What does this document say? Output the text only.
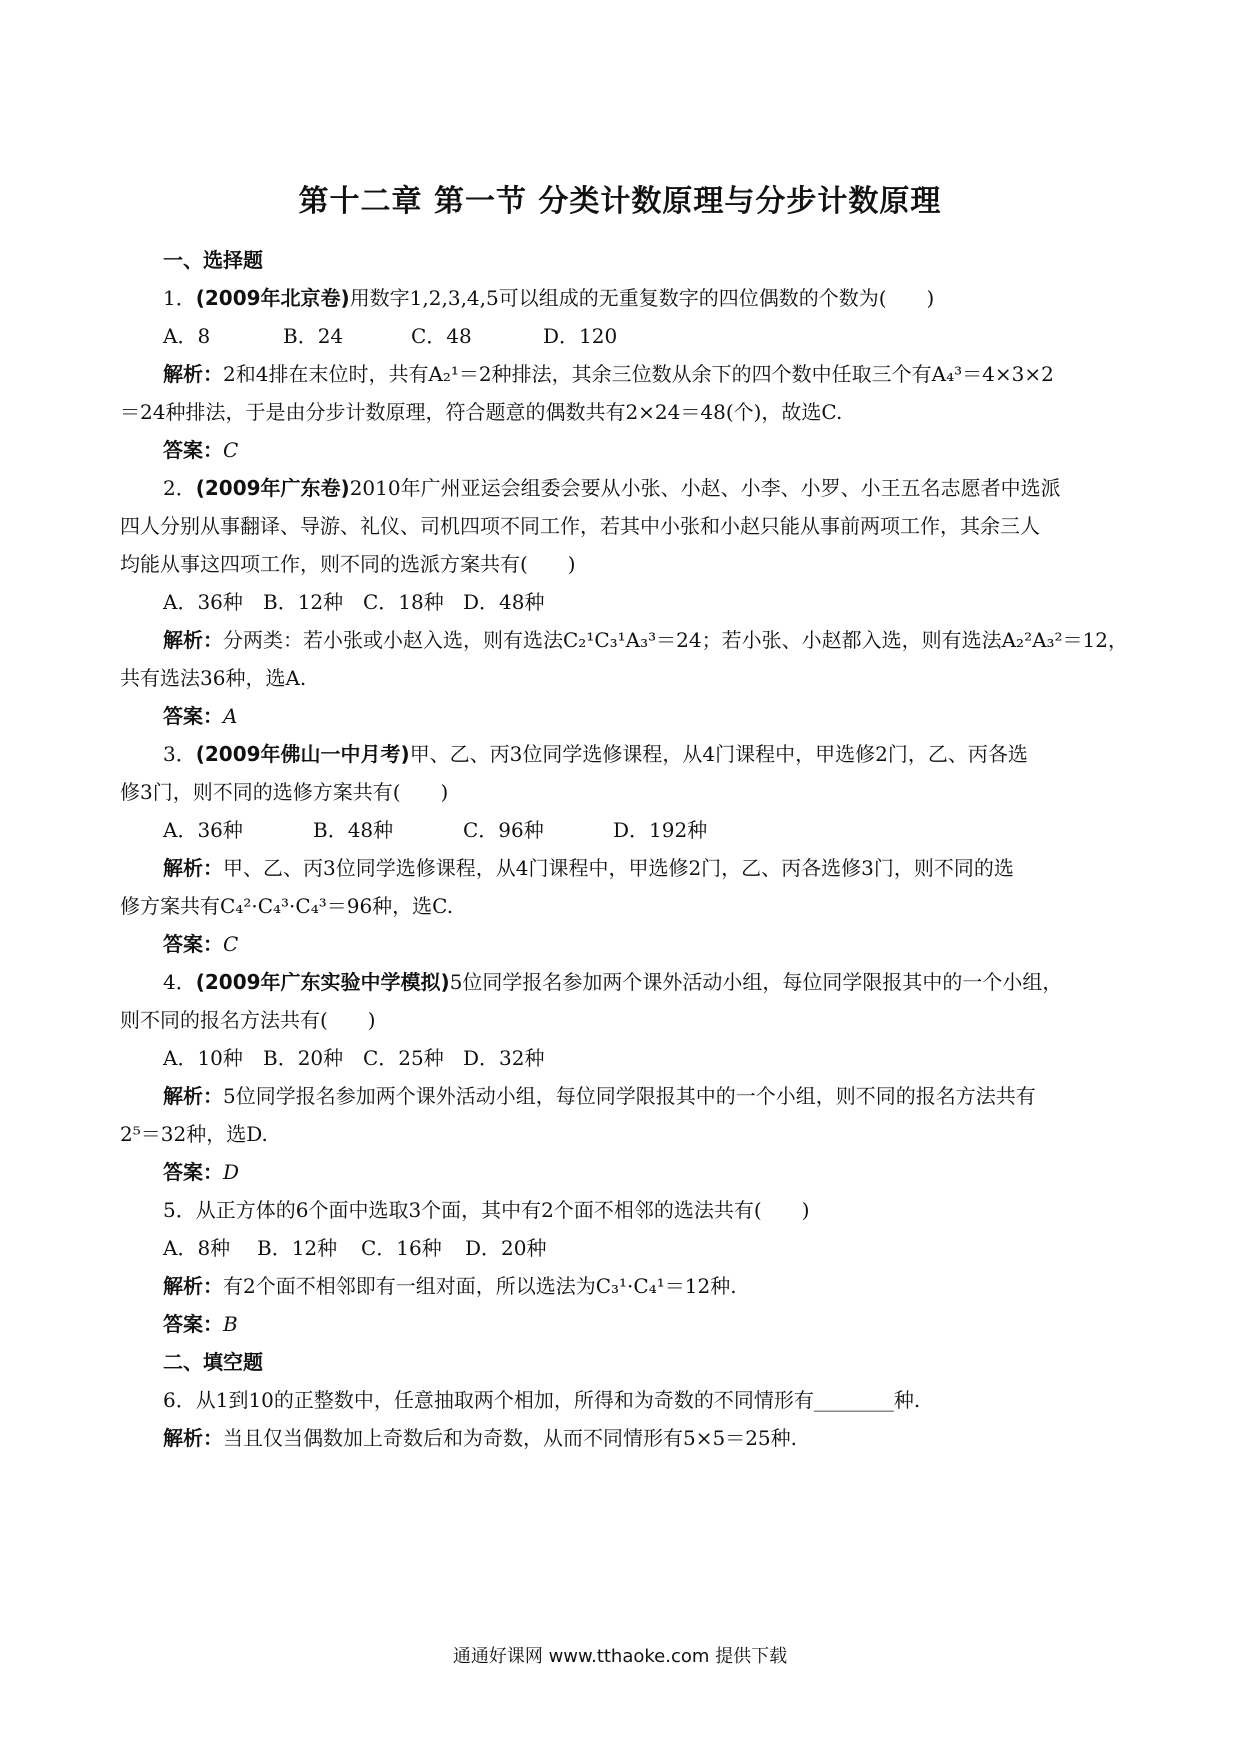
第十二章 第一节 分类计数原理与分步计数原理
一、选择题
1．(2009年北京卷)用数字1,2,3,4,5可以组成的无重复数字的四位偶数的个数为(　　)
A．8	B．24	C．48	D．120
解析：2和4排在末位时，共有A₂¹＝2种排法，其余三位数从余下的四个数中任取三个有A₄³＝4×3×2
＝24种排法，于是由分步计数原理，符合题意的偶数共有2×24＝48(个)，故选C.
答案：C
2．(2009年广东卷)2010年广州亚运会组委会要从小张、小赵、小李、小罗、小王五名志愿者中选派
四人分别从事翻译、导游、礼仪、司机四项不同工作，若其中小张和小赵只能从事前两项工作，其余三人
均能从事这四项工作，则不同的选派方案共有(　　)
A．36种 B．12种 C．18种 D．48种
解析：分两类：若小张或小赵入选，则有选法C₂¹C₃¹A₃³＝24；若小张、小赵都入选，则有选法A₂²A₃²＝12，
共有选法36种，选A.
答案：A
3．(2009年佛山一中月考)甲、乙、丙3位同学选修课程，从4门课程中，甲选修2门，乙、丙各选
修3门，则不同的选修方案共有(　　)
A．36种	B．48种	C．96种	D．192种
解析：甲、乙、丙3位同学选修课程，从4门课程中，甲选修2门，乙、丙各选修3门，则不同的选
修方案共有C₄²·C₄³·C₄³＝96种，选C.
答案：C
4．(2009年广东实验中学模拟)5位同学报名参加两个课外活动小组，每位同学限报其中的一个小组，
则不同的报名方法共有(　　)
A．10种 B．20种 C．25种 D．32种
解析：5位同学报名参加两个课外活动小组，每位同学限报其中的一个小组，则不同的报名方法共有
2⁵＝32种，选D.
答案：D
5．从正方体的6个面中选取3个面，其中有2个面不相邻的选法共有(　　)
A．8种 B．12种 C．16种 D．20种
解析：有2个面不相邻即有一组对面，所以选法为C₃¹·C₄¹＝12种.
答案：B
二、填空题
6．从1到10的正整数中，任意抽取两个相加，所得和为奇数的不同情形有________种.
解析：当且仅当偶数加上奇数后和为奇数，从而不同情形有5×5＝25种.
通通好课网 www.tthaoke.com 提供下载
